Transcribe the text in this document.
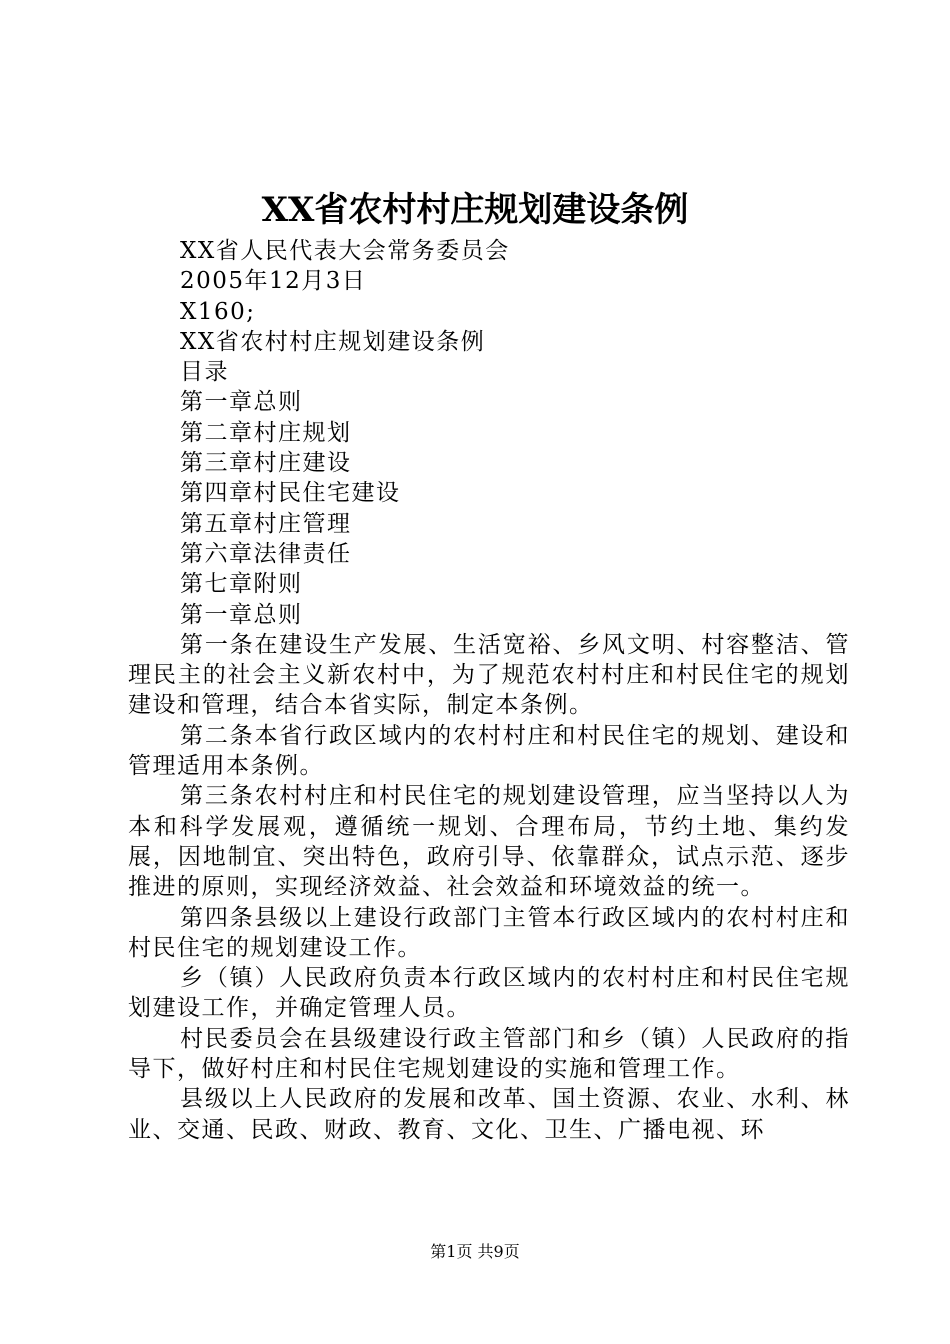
XX省农村村庄规划建设条例
XX省人民代表大会常务委员会
2005年12月3日
X160;
XX省农村村庄规划建设条例
目录
第一章总则
第二章村庄规划
第三章村庄建设
第四章村民住宅建设
第五章村庄管理
第六章法律责任
第七章附则
第一章总则

第一条在建设生产发展、生活宽裕、乡风文明、村容整洁、管理民主的社会主义新农村中，为了规范农村村庄和村民住宅的规划建设和管理，结合本省实际，制定本条例。

第二条本省行政区域内的农村村庄和村民住宅的规划、建设和管理适用本条例。

第三条农村村庄和村民住宅的规划建设管理，应当坚持以人为本和科学发展观，遵循统一规划、合理布局，节约土地、集约发展，因地制宜、突出特色，政府引导、依靠群众，试点示范、逐步推进的原则，实现经济效益、社会效益和环境效益的统一。

第四条县级以上建设行政部门主管本行政区域内的农村村庄和村民住宅的规划建设工作。

乡（镇）人民政府负责本行政区域内的农村村庄和村民住宅规划建设工作，并确定管理人员。

村民委员会在县级建设行政主管部门和乡（镇）人民政府的指导下，做好村庄和村民住宅规划建设的实施和管理工作。

县级以上人民政府的发展和改革、国土资源、农业、水利、林业、交通、民政、财政、教育、文化、卫生、广播电视、环

第1页 共9页
